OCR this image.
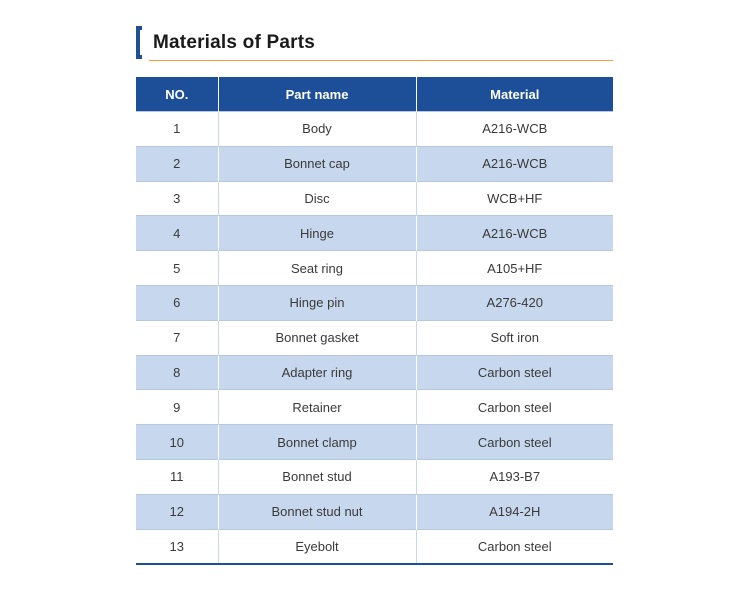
Materials of Parts
NO.	Part name	Material
1	Body	A216-WCB
2	Bonnet cap	A216-WCB
3	Disc	WCB+HF
4	Hinge	A216-WCB
5	Seat ring	A105+HF
6	Hinge pin	A276-420
7	Bonnet gasket	Soft iron
8	Adapter ring	Carbon steel
9	Retainer	Carbon steel
10	Bonnet clamp	Carbon steel
11	Bonnet stud	A193-B7
12	Bonnet stud nut	A194-2H
13	Eyebolt	Carbon steel
